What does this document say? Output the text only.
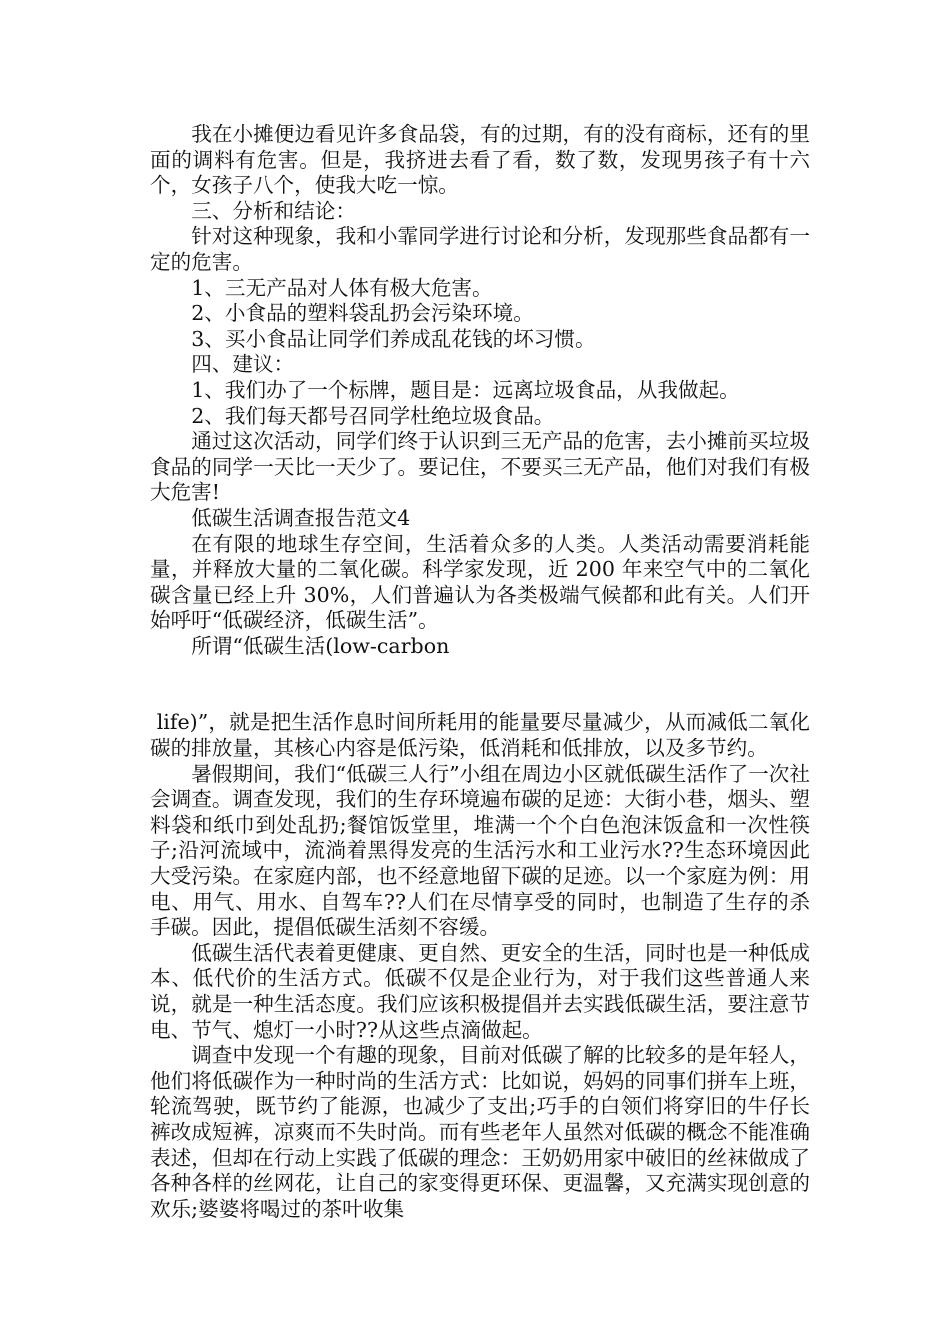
我在小摊便边看见许多食品袋，有的过期，有的没有商标，还有的里面的调料有危害。但是，我挤进去看了看，数了数，发现男孩子有十六个，女孩子八个，使我大吃一惊。

三、分析和结论：

针对这种现象，我和小霏同学进行讨论和分析，发现那些食品都有一定的危害。

1、三无产品对人体有极大危害。

2、小食品的塑料袋乱扔会污染环境。

3、买小食品让同学们养成乱花钱的坏习惯。

四、建议：

1、我们办了一个标牌，题目是：远离垃圾食品，从我做起。

2、我们每天都号召同学杜绝垃圾食品。

通过这次活动，同学们终于认识到三无产品的危害，去小摊前买垃圾食品的同学一天比一天少了。要记住，不要买三无产品，他们对我们有极大危害!

低碳生活调查报告范文4

在有限的地球生存空间，生活着众多的人类。人类活动需要消耗能量，并释放大量的二氧化碳。科学家发现，近 200 年来空气中的二氧化碳含量已经上升 30%，人们普遍认为各类极端气候都和此有关。人们开始呼吁“低碳经济，低碳生活”。

所谓“低碳生活(low-carbon

life)”，就是把生活作息时间所耗用的能量要尽量减少，从而减低二氧化碳的排放量，其核心内容是低污染，低消耗和低排放，以及多节约。

暑假期间，我们“低碳三人行”小组在周边小区就低碳生活作了一次社会调查。调查发现，我们的生存环境遍布碳的足迹：大街小巷，烟头、塑料袋和纸巾到处乱扔;餐馆饭堂里，堆满一个个白色泡沫饭盒和一次性筷子;沿河流域中，流淌着黑得发亮的生活污水和工业污水??生态环境因此大受污染。在家庭内部，也不经意地留下碳的足迹。以一个家庭为例：用电、用气、用水、自驾车??人们在尽情享受的同时，也制造了生存的杀手碳。因此，提倡低碳生活刻不容缓。

低碳生活代表着更健康、更自然、更安全的生活，同时也是一种低成本、低代价的生活方式。低碳不仅是企业行为，对于我们这些普通人来说，就是一种生活态度。我们应该积极提倡并去实践低碳生活，要注意节电、节气、熄灯一小时??从这些点滴做起。

调查中发现一个有趣的现象，目前对低碳了解的比较多的是年轻人，他们将低碳作为一种时尚的生活方式：比如说，妈妈的同事们拼车上班，轮流驾驶，既节约了能源，也减少了支出;巧手的白领们将穿旧的牛仔长裤改成短裤，凉爽而不失时尚。而有些老年人虽然对低碳的概念不能准确表述，但却在行动上实践了低碳的理念：王奶奶用家中破旧的丝袜做成了各种各样的丝网花，让自己的家变得更环保、更温馨，又充满实现创意的欢乐;婆婆将喝过的茶叶收集
